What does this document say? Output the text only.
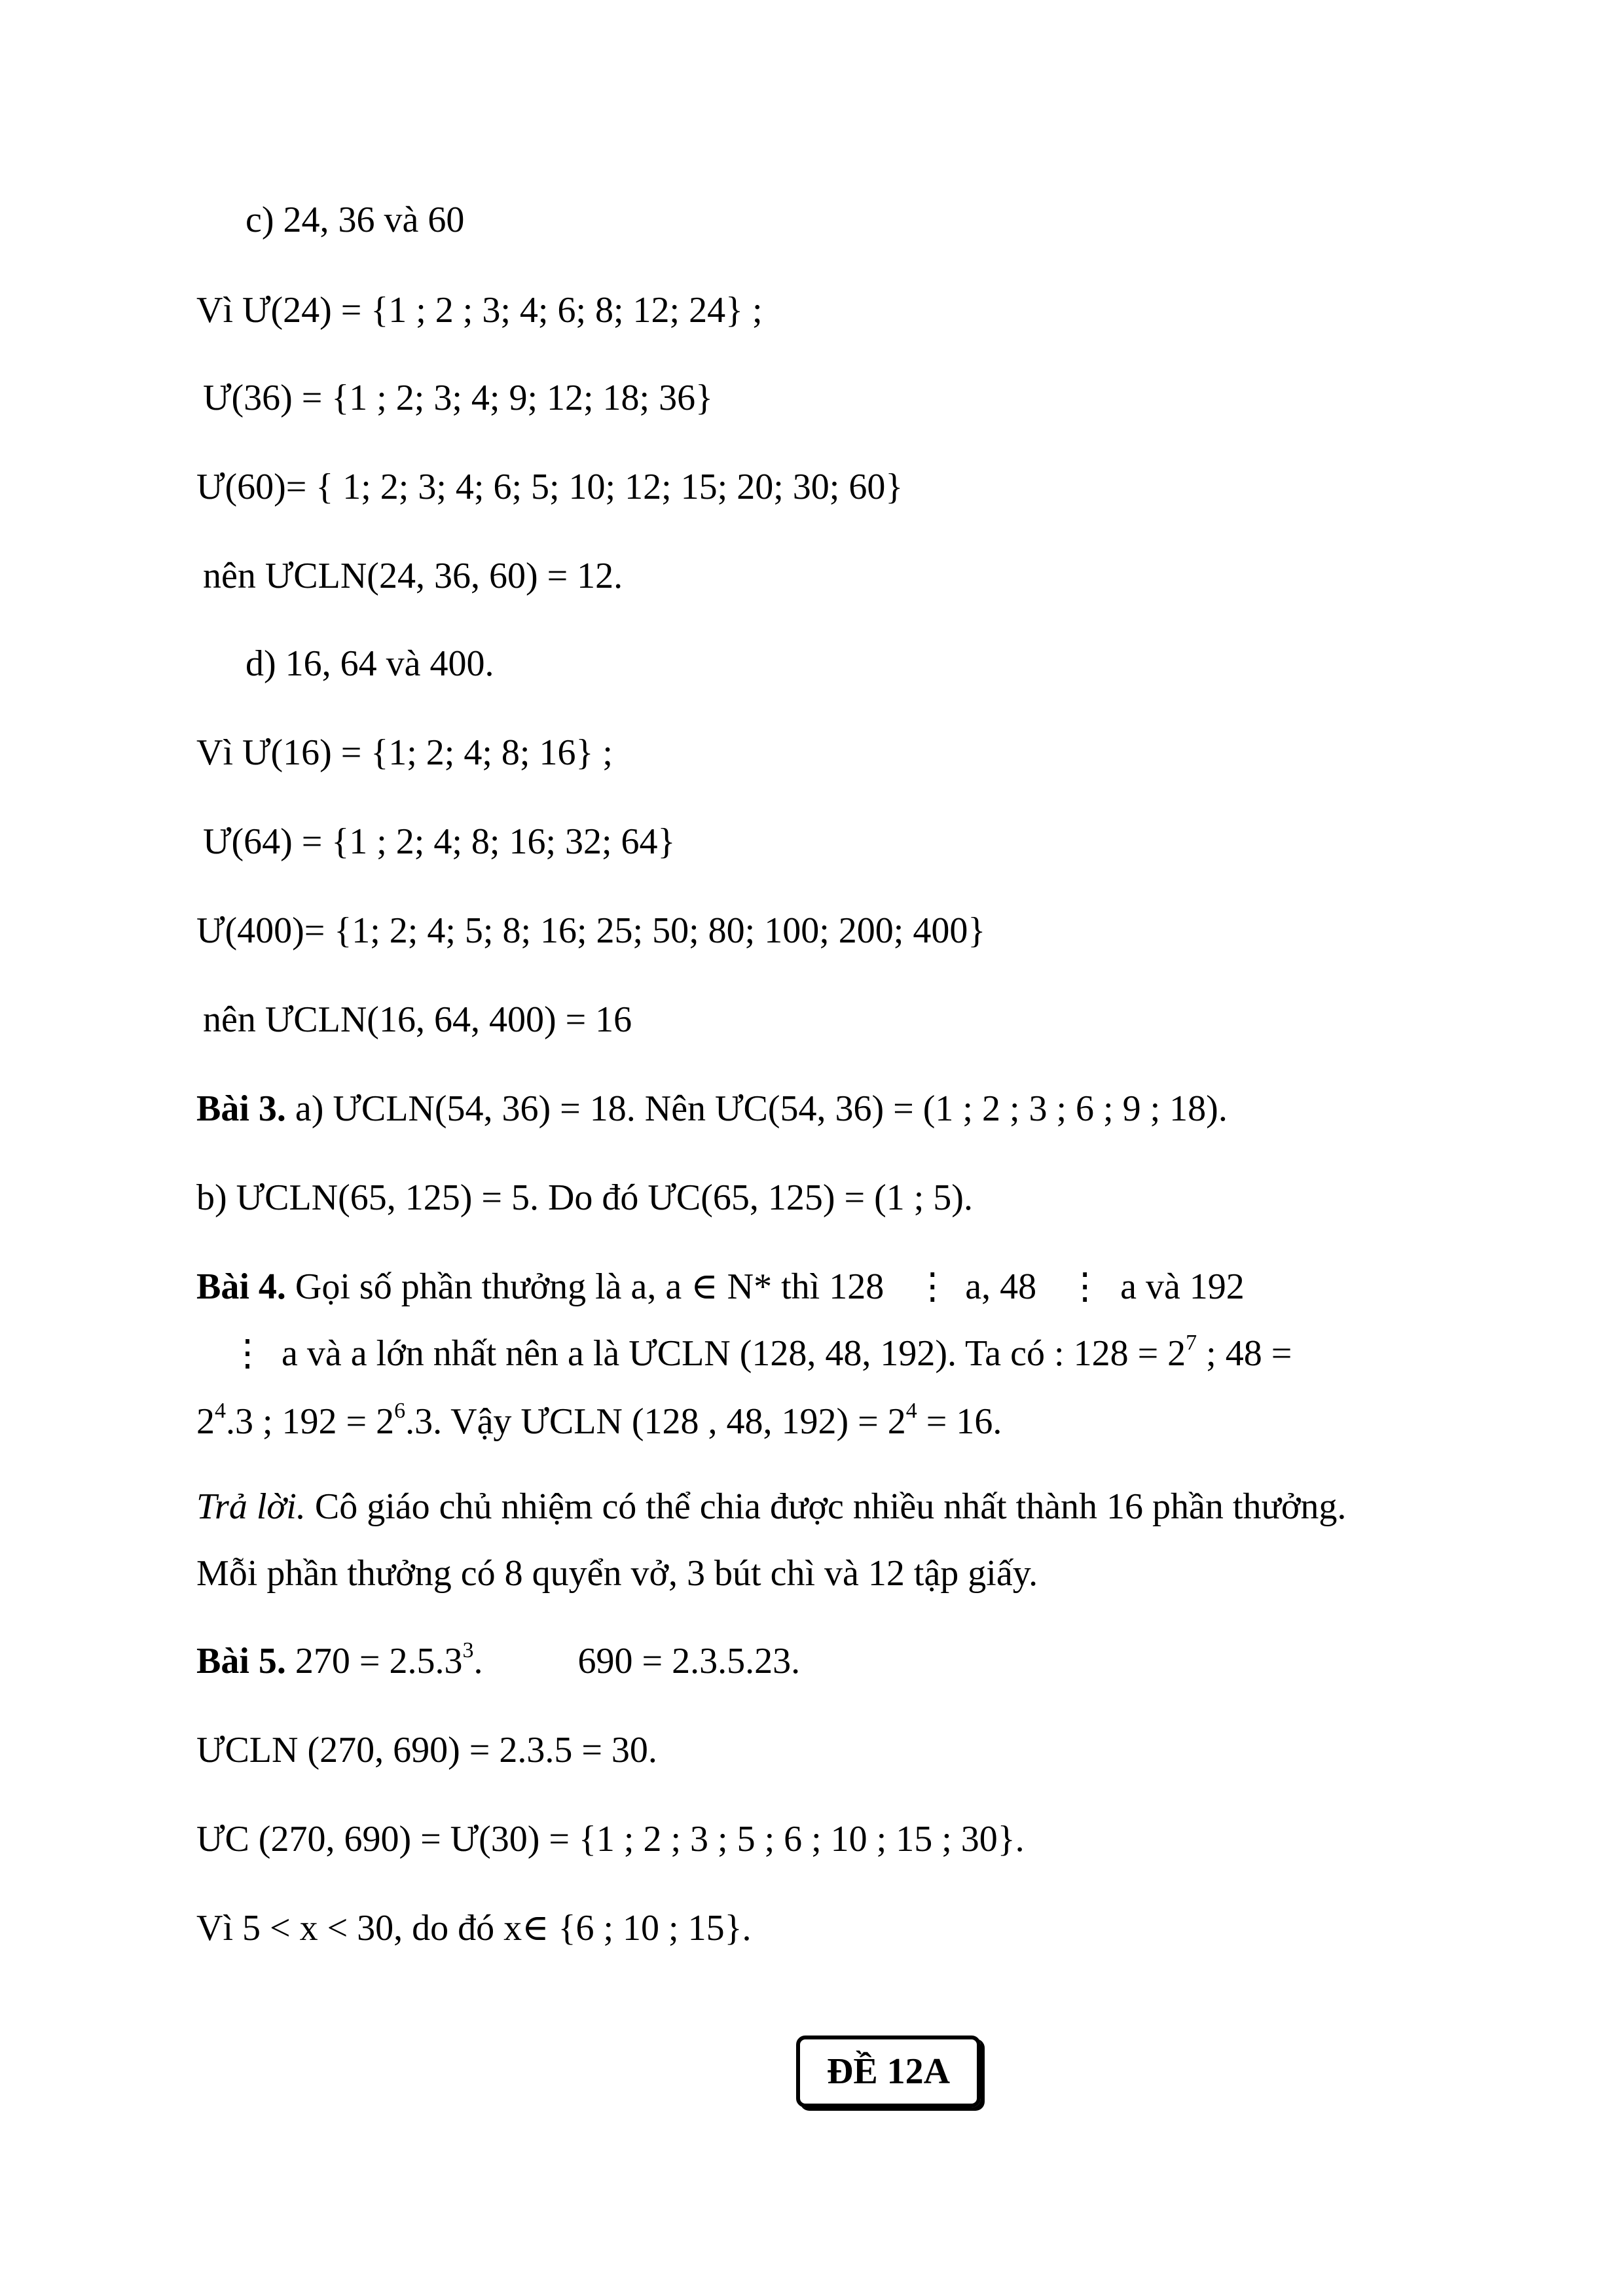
c) 24, 36 và 60
Vì Ư(24) = {1 ; 2 ; 3; 4; 6; 8; 12; 24} ;
Ư(36) = {1 ; 2; 3; 4; 9; 12; 18; 36}
Ư(60)= { 1; 2; 3; 4; 6; 5; 10; 12; 15; 20; 30; 60}
nên ƯCLN(24, 36, 60) = 12.
d) 16, 64 và 400.
Vì Ư(16) = {1; 2; 4; 8; 16} ;
Ư(64) = {1 ; 2; 4; 8; 16; 32; 64}
Ư(400)= {1; 2; 4; 5; 8; 16; 25; 50; 80; 100; 200; 400}
nên ƯCLN(16, 64, 400) = 16
Bài 3. a) ƯCLN(54, 36) = 18. Nên ƯC(54, 36) = (1 ; 2 ; 3 ; 6 ; 9 ; 18).
b) ƯCLN(65, 125) = 5. Do đó ƯC(65, 125) = (1 ; 5).
Bài 4. Gọi số phần thưởng là a, a ∈ N* thì 128 ⋮ a, 48 ⋮ a và 192
⋮ a và a lớn nhất nên a là ƯCLN (128, 48, 192). Ta có : $128 = 2^7$ ; 48 =
$2^4.3$ ; $192 = 2^6.3$. Vậy ƯCLN (128 , 48, $192) = 2^4 = 16$.
Trả lời. Cô giáo chủ nhiệm có thể chia được nhiều nhất thành 16 phần thưởng.
Mỗi phần thưởng có 8 quyển vở, 3 bút chì và 12 tập giấy.
Bài 5. $270 = 2.5.3^3$.	690 = 2.3.5.23.
ƯCLN (270, 690) = 2.3.5 = 30.
ƯC (270, 690) = Ư(30) = {1 ; 2 ; 3 ; 5 ; 6 ; 10 ; 15 ; 30}.
Vì 5 < x < 30, do đó x∈ {6 ; 10 ; 15}.
ĐỀ 12A
